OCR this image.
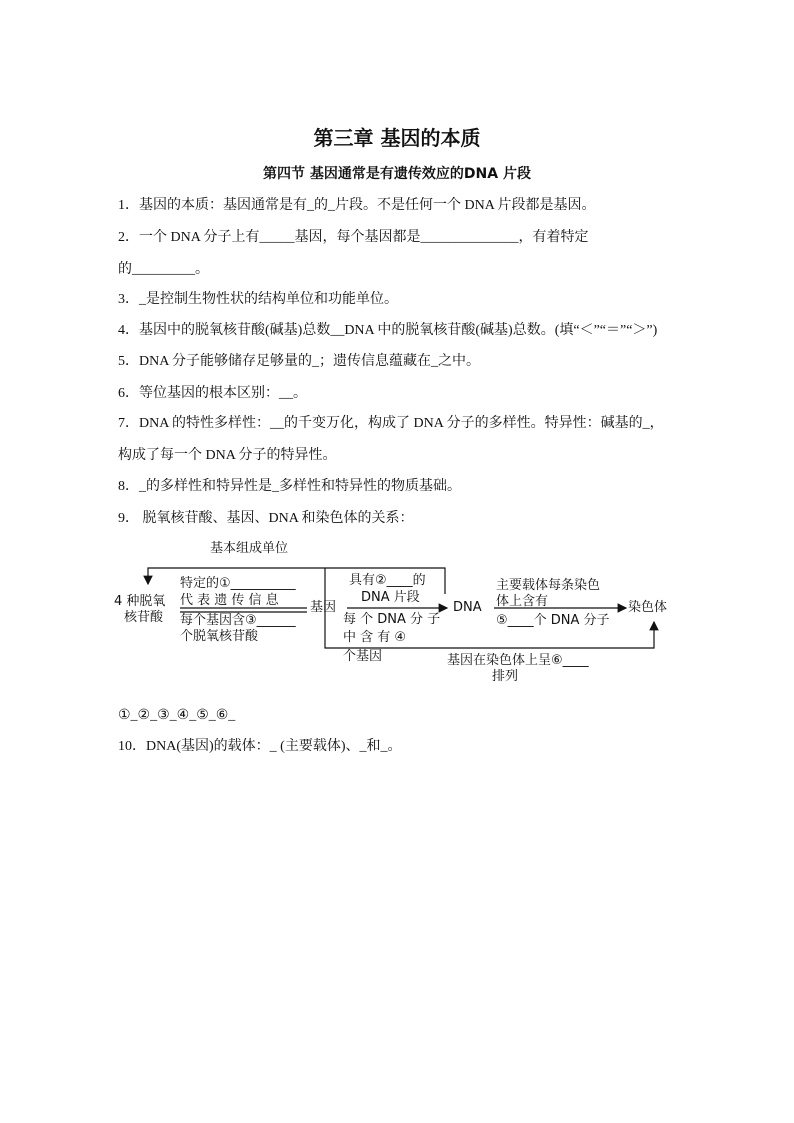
第三章 基因的本质
第四节 基因通常是有遗传效应的DNA 片段
1．基因的本质：基因通常是有_的_片段。不是任何一个 DNA 片段都是基因。
2．一个 DNA 分子上有_____基因，每个基因都是______________，有着特定
的_________。
3．_是控制生物性状的结构单位和功能单位。
4．基因中的脱氧核苷酸(碱基)总数__DNA 中的脱氧核苷酸(碱基)总数。(填“＜”“＝”“＞”)
5．DNA 分子能够储存足够量的_；遗传信息蕴藏在_之中。
6．等位基因的根本区别：__。
7．DNA 的特性多样性：__的千变万化，构成了 DNA 分子的多样性。特异性：碱基的_，
构成了每一个 DNA 分子的特异性。
8．_的多样性和特异性是_多样性和特异性的物质基础。
9． 脱氧核苷酸、基因、DNA 和染色体的关系：
基本组成单位
4 种脱氧
核苷酸
特定的①__________
代 表 遗 传 信 息
每个基因含③______
个脱氧核苷酸
基因
具有②____的
DNA 片段
每 个 DNA 分 子
中 含 有 ④
个基因
DNA
主要载体每条染色
体上含有
⑤____个 DNA 分子
染色体
基因在染色体上呈⑥____
排列
①_②_③_④_⑤_⑥_
10．DNA(基因)的载体：_ (主要载体)、_和_。
